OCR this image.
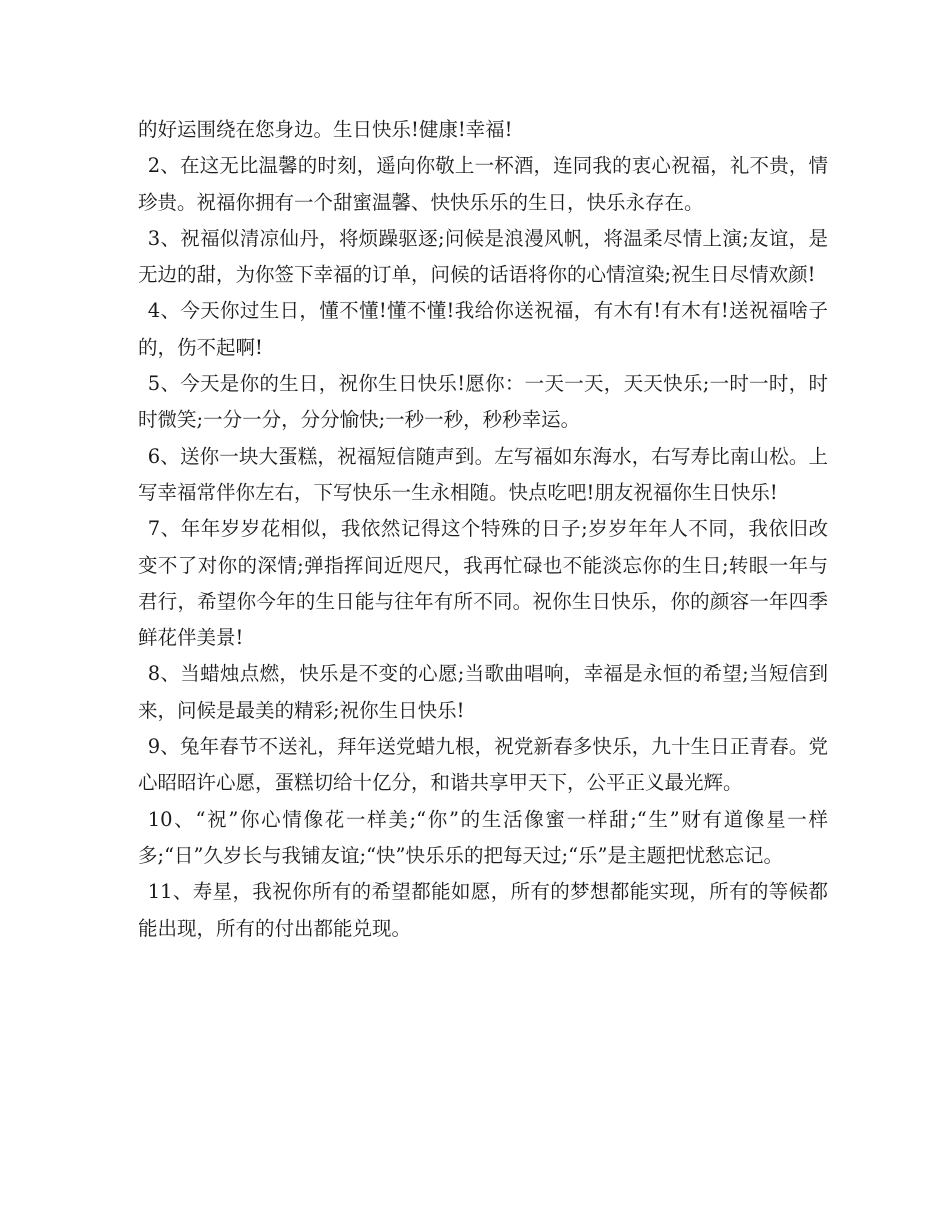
的好运围绕在您身边。生日快乐!健康!幸福!

2、在这无比温馨的时刻，遥向你敬上一杯酒，连同我的衷心祝福，礼不贵，情珍贵。祝福你拥有一个甜蜜温馨、快快乐乐的生日，快乐永存在。

3、祝福似清凉仙丹，将烦躁驱逐;问候是浪漫风帆，将温柔尽情上演;友谊，是无边的甜，为你签下幸福的订单，问候的话语将你的心情渲染;祝生日尽情欢颜!

4、今天你过生日，懂不懂!懂不懂!我给你送祝福，有木有!有木有!送祝福啥子的，伤不起啊!

5、今天是你的生日，祝你生日快乐!愿你：一天一天，天天快乐;一时一时，时时微笑;一分一分，分分愉快;一秒一秒，秒秒幸运。

6、送你一块大蛋糕，祝福短信随声到。左写福如东海水，右写寿比南山松。上写幸福常伴你左右，下写快乐一生永相随。快点吃吧!朋友祝福你生日快乐!

7、年年岁岁花相似，我依然记得这个特殊的日子;岁岁年年人不同，我依旧改变不了对你的深情;弹指挥间近咫尺，我再忙碌也不能淡忘你的生日;转眼一年与君行，希望你今年的生日能与往年有所不同。祝你生日快乐，你的颜容一年四季鲜花伴美景!

8、当蜡烛点燃，快乐是不变的心愿;当歌曲唱响，幸福是永恒的希望;当短信到来，问候是最美的精彩;祝你生日快乐!

9、兔年春节不送礼，拜年送党蜡九根，祝党新春多快乐，九十生日正青春。党心昭昭许心愿，蛋糕切给十亿分，和谐共享甲天下，公平正义最光辉。

10、“祝”你心情像花一样美;“你”的生活像蜜一样甜;“生”财有道像星一样多;“日”久岁长与我铺友谊;“快”快乐乐的把每天过;“乐”是主题把忧愁忘记。

11、寿星，我祝你所有的希望都能如愿，所有的梦想都能实现，所有的等候都能出现，所有的付出都能兑现。
